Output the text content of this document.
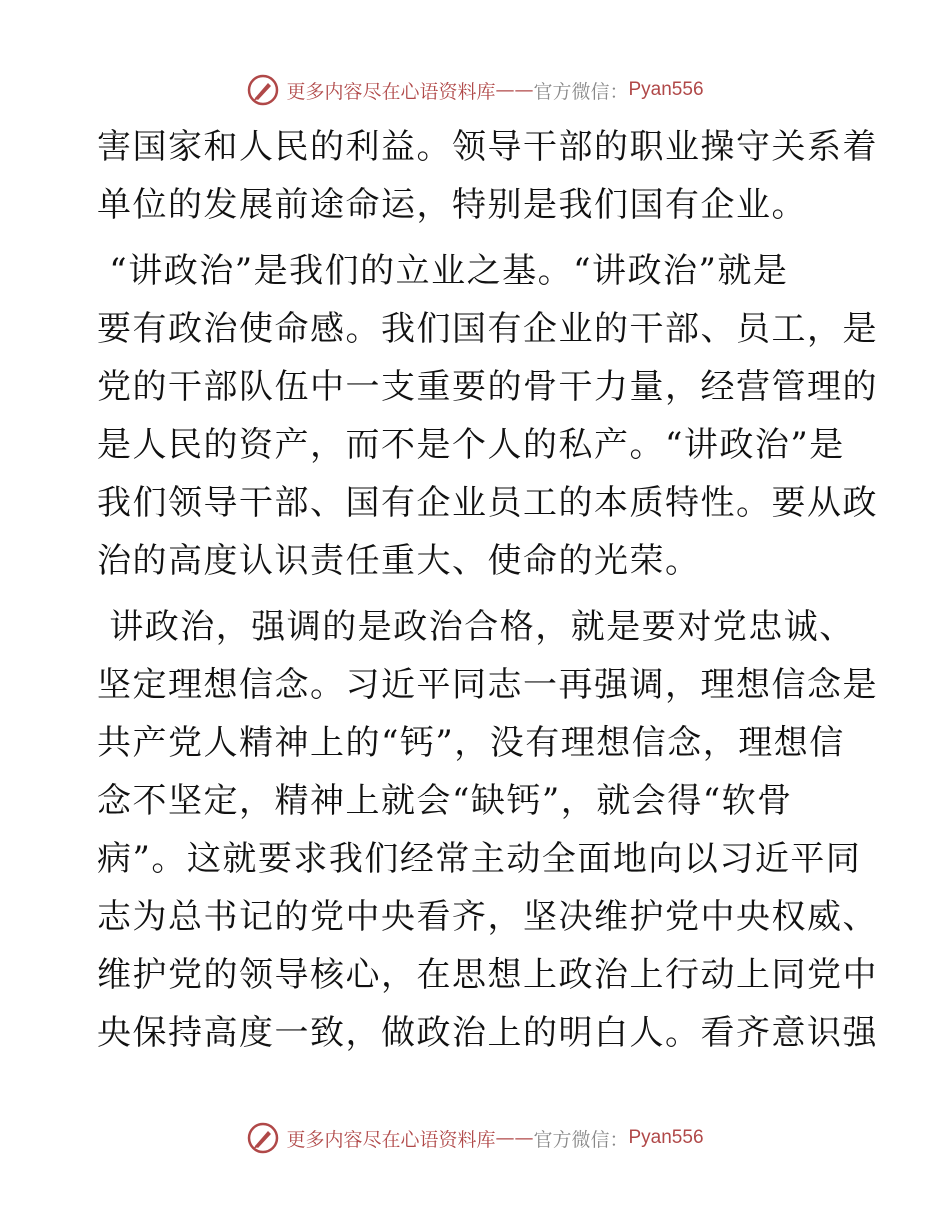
更多内容尽在心语资料库 —— 官方微信： Pyan556
害国家和人民的利益。领导干部的职业操守关系着
单位的发展前途命运，特别是我们国有企业。
“讲政治”是我们的立业之基。“讲政治”就是
要有政治使命感。我们国有企业的干部、员工，是
党的干部队伍中一支重要的骨干力量，经营管理的
是人民的资产，而不是个人的私产。“讲政治”是
我们领导干部、国有企业员工的本质特性。要从政
治的高度认识责任重大、使命的光荣。
讲政治，强调的是政治合格，就是要对党忠诚、
坚定理想信念。习近平同志一再强调，理想信念是
共产党人精神上的“钙”，没有理想信念，理想信
念不坚定，精神上就会“缺钙”，就会得“软骨
病”。这就要求我们经常主动全面地向以习近平同
志为总书记的党中央看齐，坚决维护党中央权威、
维护党的领导核心，在思想上政治上行动上同党中
央保持高度一致，做政治上的明白人。看齐意识强
更多内容尽在心语资料库 —— 官方微信： Pyan556
